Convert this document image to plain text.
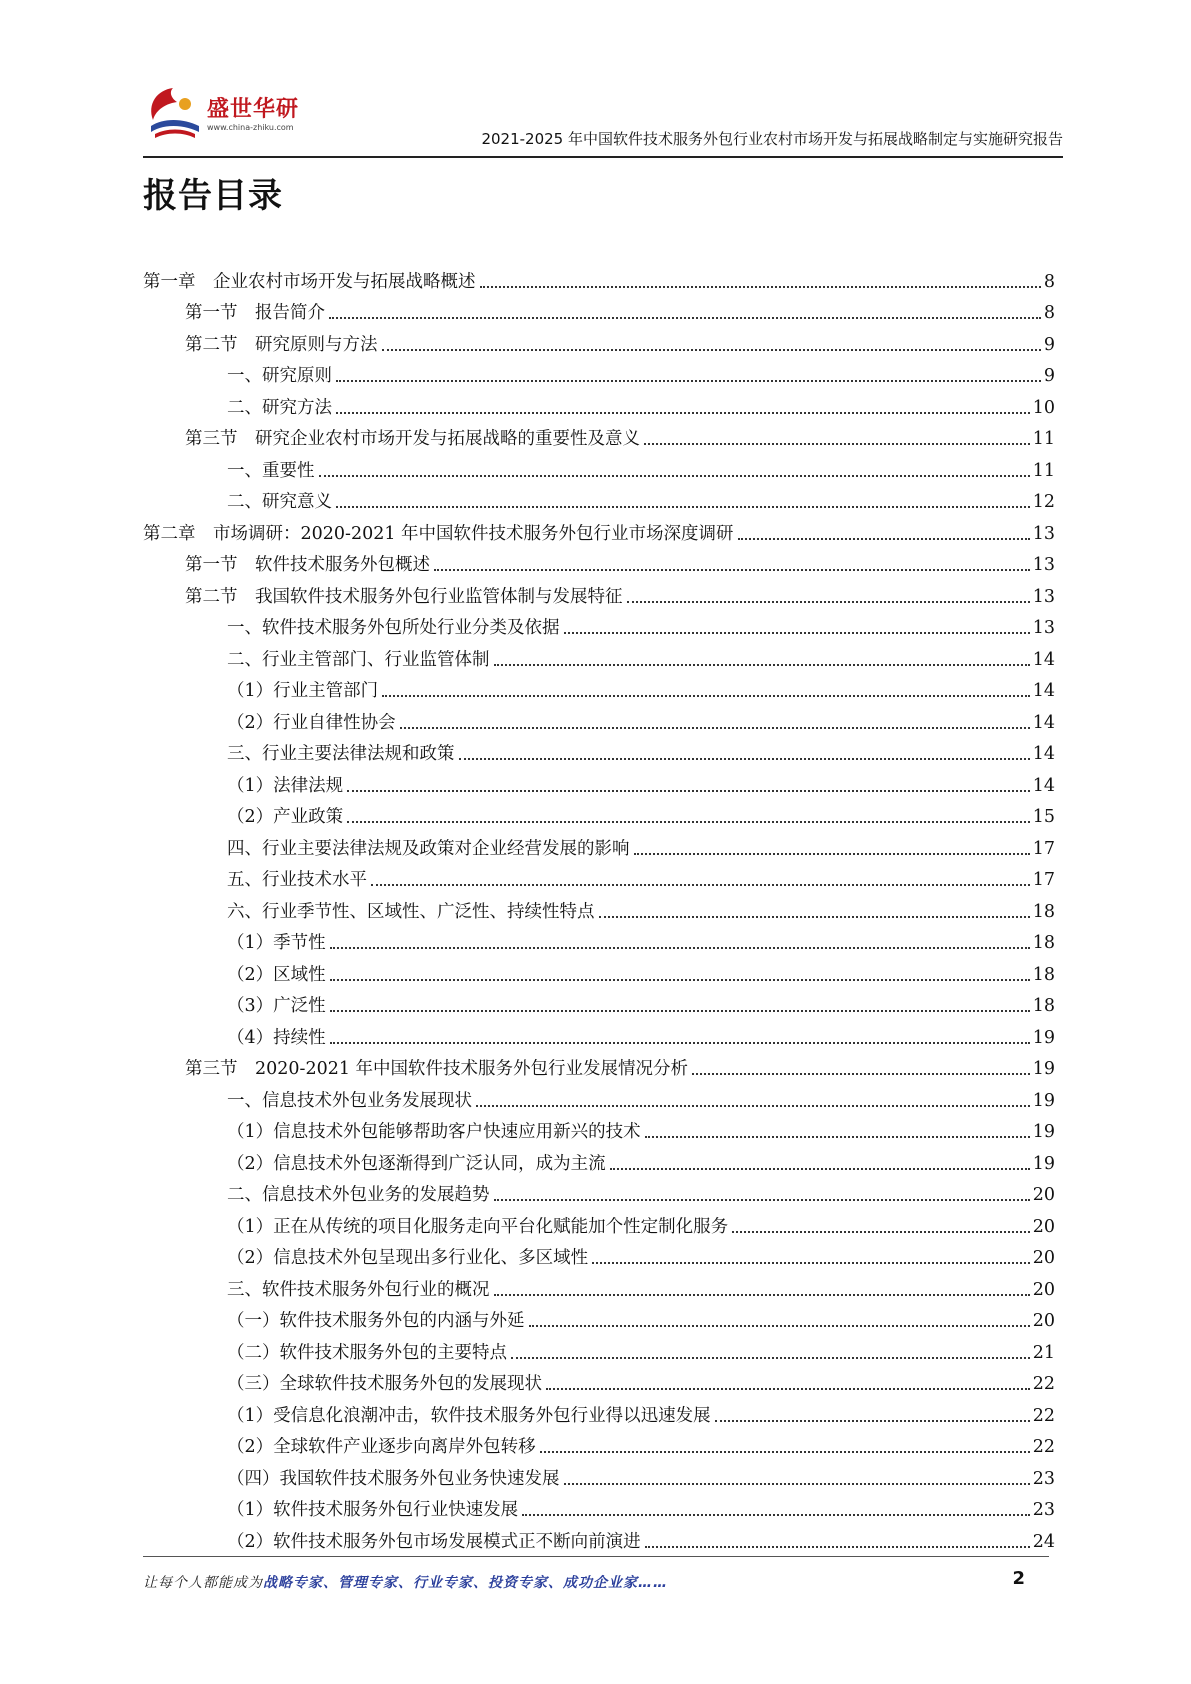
盛世华研
www.china-zhiku.com
2021-2025 年中国软件技术服务外包行业农村市场开发与拓展战略制定与实施研究报告
报告目录
第一章　企业农村市场开发与拓展战略概述	8
第一节　报告简介	8
第二节　研究原则与方法	9
一、研究原则	9
二、研究方法	10
第三节　研究企业农村市场开发与拓展战略的重要性及意义	11
一、重要性	11
二、研究意义	12
第二章　市场调研：2020-2021 年中国软件技术服务外包行业市场深度调研	13
第一节　软件技术服务外包概述	13
第二节　我国软件技术服务外包行业监管体制与发展特征	13
一、软件技术服务外包所处行业分类及依据	13
二、行业主管部门、行业监管体制	14
（1）行业主管部门	14
（2）行业自律性协会	14
三、行业主要法律法规和政策	14
（1）法律法规	14
（2）产业政策	15
四、行业主要法律法规及政策对企业经营发展的影响	17
五、行业技术水平	17
六、行业季节性、区域性、广泛性、持续性特点	18
（1）季节性	18
（2）区域性	18
（3）广泛性	18
（4）持续性	19
第三节　2020-2021 年中国软件技术服务外包行业发展情况分析	19
一、信息技术外包业务发展现状	19
（1）信息技术外包能够帮助客户快速应用新兴的技术	19
（2）信息技术外包逐渐得到广泛认同，成为主流	19
二、信息技术外包业务的发展趋势	20
（1）正在从传统的项目化服务走向平台化赋能加个性定制化服务	20
（2）信息技术外包呈现出多行业化、多区域性	20
三、软件技术服务外包行业的概况	20
（一）软件技术服务外包的内涵与外延	20
（二）软件技术服务外包的主要特点	21
（三）全球软件技术服务外包的发展现状	22
（1）受信息化浪潮冲击，软件技术服务外包行业得以迅速发展	22
（2）全球软件产业逐步向离岸外包转移	22
（四）我国软件技术服务外包业务快速发展	23
（1）软件技术服务外包行业快速发展	23
（2）软件技术服务外包市场发展模式正不断向前演进	24
让每个人都能成为战略专家、管理专家、行业专家、投资专家、成功企业家……	2
